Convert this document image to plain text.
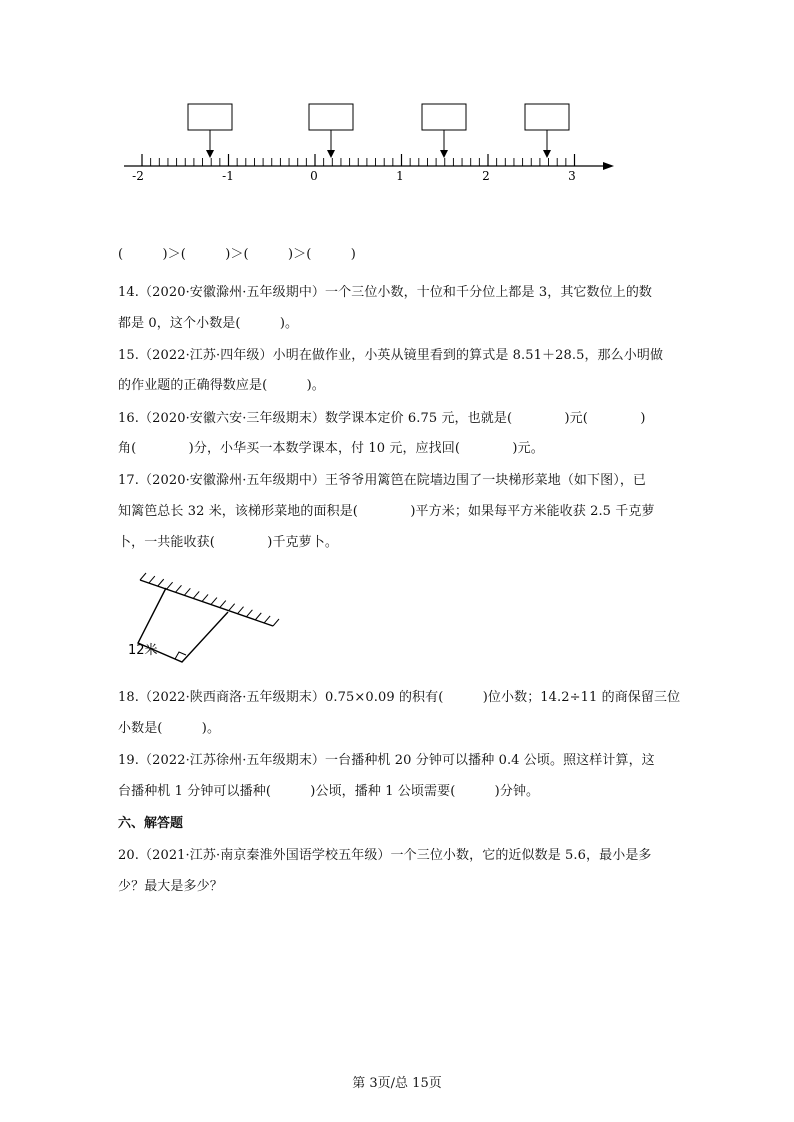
-2	-1	0	1	2	3
(　　　)＞(　　　)＞(　　　)＞(　　　)
14.（2020·安徽滁州·五年级期中）一个三位小数，十位和千分位上都是 3，其它数位上的数
都是 0，这个小数是(　　　)。
15.（2022·江苏·四年级）小明在做作业，小英从镜里看到的算式是 8.51＋28.5，那么小明做
的作业题的正确得数应是(　　　)。
16.（2020·安徽六安·三年级期末）数学课本定价 6.75 元，也就是(　　　　)元(　　　　)
角(　　　　)分，小华买一本数学课本，付 10 元，应找回(　　　　)元。
17.（2020·安徽滁州·五年级期中）王爷爷用篱笆在院墙边围了一块梯形菜地（如下图），已
知篱笆总长 32 米，该梯形菜地的面积是(　　　　)平方米；如果每平方米能收获 2.5 千克萝
卜，一共能收获(　　　　)千克萝卜。
12米
18.（2022·陕西商洛·五年级期末）0.75×0.09 的积有(　　　)位小数；14.2÷11 的商保留三位
小数是(　　　)。
19.（2022·江苏徐州·五年级期末）一台播种机 20 分钟可以播种 0.4 公顷。照这样计算，这
台播种机 1 分钟可以播种(　　　)公顷，播种 1 公顷需要(　　　)分钟。
六、解答题
20.（2021·江苏·南京秦淮外国语学校五年级）一个三位小数，它的近似数是 5.6，最小是多
少？最大是多少？
第 3页/总 15页
